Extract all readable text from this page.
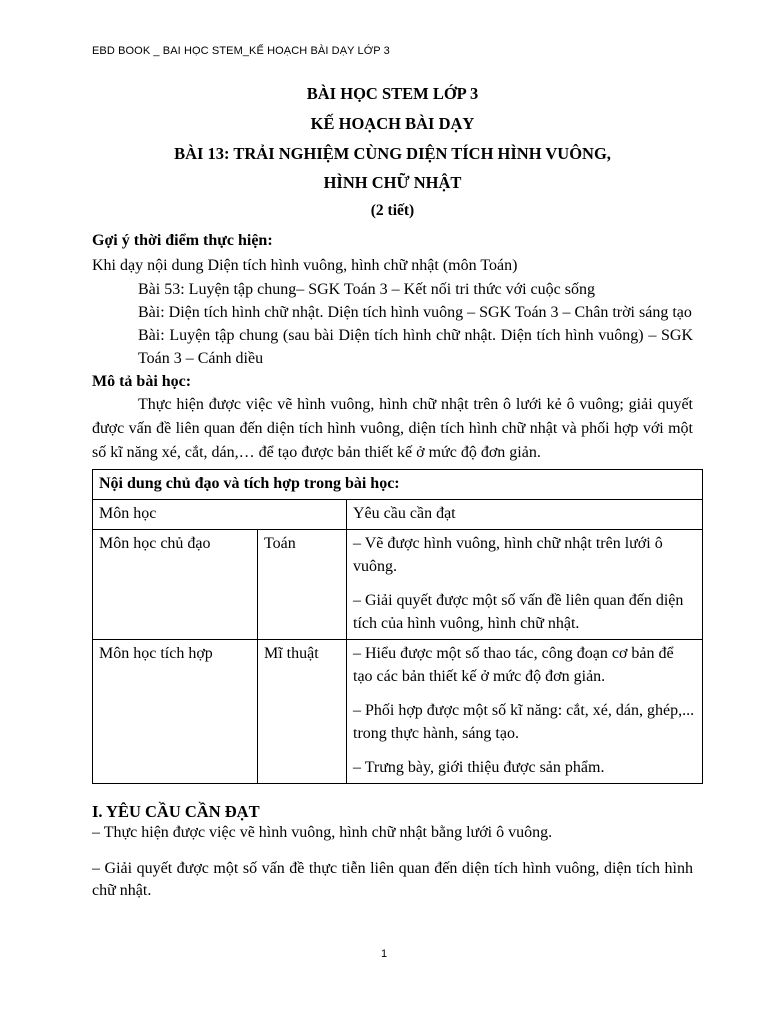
EBD BOOK _ BAI HỌC STEM_KẾ HOẠCH BÀI DẠY LỚP 3
BÀI HỌC STEM LỚP 3
KẾ HOẠCH BÀI DẠY
BÀI 13: TRẢI NGHIỆM CÙNG DIỆN TÍCH HÌNH VUÔNG,
HÌNH CHỮ NHẬT
(2 tiết)
Gợi ý thời điểm thực hiện:

Khi dạy nội dung Diện tích hình vuông, hình chữ nhật (môn Toán)

Bài 53: Luyện tập chung– SGK Toán 3 – Kết nối tri thức với cuộc sống

Bài: Diện tích hình chữ nhật. Diện tích hình vuông – SGK Toán 3 – Chân trời sáng tạo

Bài: Luyện tập chung (sau bài Diện tích hình chữ nhật. Diện tích hình vuông) – SGK Toán 3 – Cánh diều

Mô tả bài học:

Thực hiện được việc vẽ hình vuông, hình chữ nhật trên ô lưới kẻ ô vuông; giải quyết được vấn đề liên quan đến diện tích hình vuông, diện tích hình chữ nhật và phối hợp với một số kĩ năng xé, cắt, dán,… để tạo được bản thiết kế ở mức độ đơn giản.

Nội dung chủ đạo và tích hợp trong bài học:		
Môn học		Yêu cầu cần đạt
Môn học chủ đạo	Toán	– Vẽ được hình vuông, hình chữ nhật trên lưới ô vuông.

– Giải quyết được một số vấn đề liên quan đến diện tích của hình vuông, hình chữ nhật.

Môn học tích hợp	Mĩ thuật	– Hiểu được một số thao tác, công đoạn cơ bản để tạo các bản thiết kế ở mức độ đơn giản.

– Phối hợp được một số kĩ năng: cắt, xé, dán, ghép,... trong thực hành, sáng tạo.

– Trưng bày, giới thiệu được sản phẩm.

I. YÊU CẦU CẦN ĐẠT

– Thực hiện được việc vẽ hình vuông, hình chữ nhật bằng lưới ô vuông.

– Giải quyết được một số vấn đề thực tiễn liên quan đến diện tích hình vuông, diện tích hình chữ nhật.

1
